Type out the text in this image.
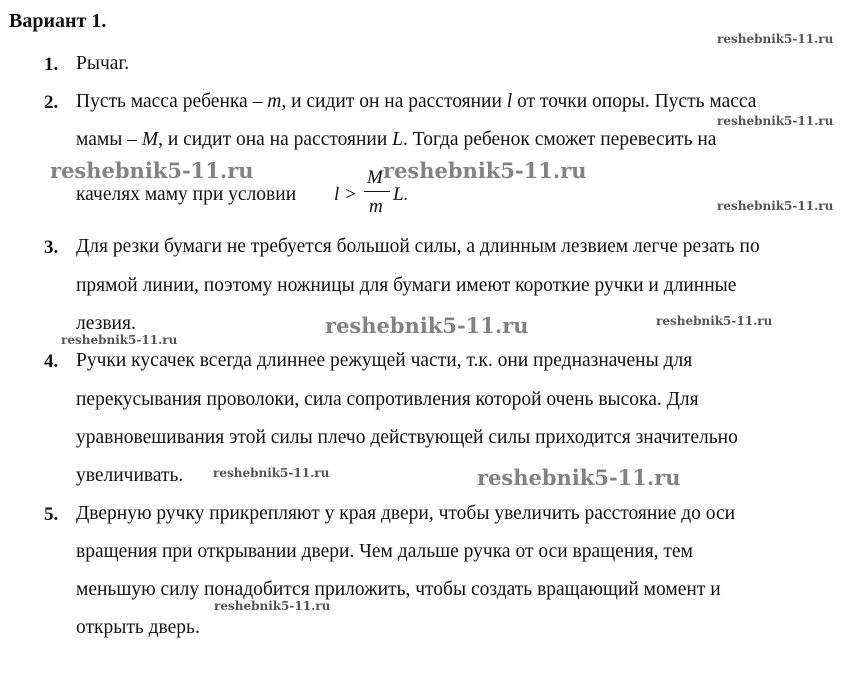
Вариант 1.
1. Рычаг.
2. Пусть масса ребенка – m, и сидит он на расстоянии l от точки опоры. Пусть масса
мамы – M, и сидит она на расстоянии L. Тогда ребенок сможет перевесить на
качелях маму при условии l >
M
m
L.
3. Для резки бумаги не требуется большой силы, а длинным лезвием легче резать по
прямой линии, поэтому ножницы для бумаги имеют короткие ручки и длинные
лезвия.
4. Ручки кусачек всегда длиннее режущей части, т.к. они предназначены для
перекусывания проволоки, сила сопротивления которой очень высока. Для
уравновешивания этой силы плечо действующей силы приходится значительно
увеличивать.
5. Дверную ручку прикрепляют у края двери, чтобы увеличить расстояние до оси
вращения при открывании двери. Чем дальше ручка от оси вращения, тем
меньшую силу понадобится приложить, чтобы создать вращающий момент и
открыть дверь.
reshebnik5-11.ru
reshebnik5-11.ru
reshebnik5-11.ru
reshebnik5-11.ru	reshebnik5-11.ru
reshebnik5-11.ru	reshebnik5-11.ru
reshebnik5-11.ru
reshebnik5-11.ru	reshebnik5-11.ru
reshebnik5-11.ru
